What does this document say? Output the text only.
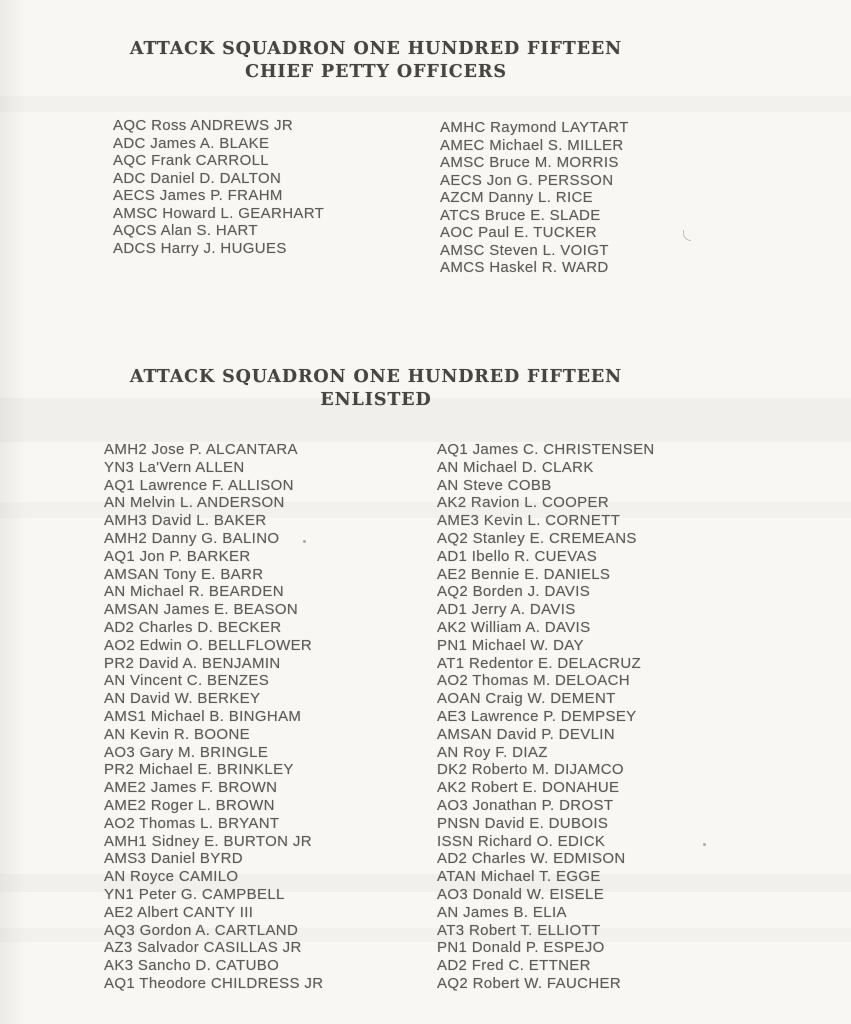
ATTACK SQUADRON ONE HUNDRED FIFTEEN
CHIEF PETTY OFFICERS
AQC Ross ANDREWS JR
ADC James A. BLAKE
AQC Frank CARROLL
ADC Daniel D. DALTON
AECS James P. FRAHM
AMSC Howard L. GEARHART
AQCS Alan S. HART
ADCS Harry J. HUGUES
AMHC Raymond LAYTART
AMEC Michael S. MILLER
AMSC Bruce M. MORRIS
AECS Jon G. PERSSON
AZCM Danny L. RICE
ATCS Bruce E. SLADE
AOC Paul E. TUCKER
AMSC Steven L. VOIGT
AMCS Haskel R. WARD
ATTACK SQUADRON ONE HUNDRED FIFTEEN
ENLISTED
AMH2 Jose P. ALCANTARA
YN3 La'Vern ALLEN
AQ1 Lawrence F. ALLISON
AN Melvin L. ANDERSON
AMH3 David L. BAKER
AMH2 Danny G. BALINO
AQ1 Jon P. BARKER
AMSAN Tony E. BARR
AN Michael R. BEARDEN
AMSAN James E. BEASON
AD2 Charles D. BECKER
AO2 Edwin O. BELLFLOWER
PR2 David A. BENJAMIN
AN Vincent C. BENZES
AN David W. BERKEY
AMS1 Michael B. BINGHAM
AN Kevin R. BOONE
AO3 Gary M. BRINGLE
PR2 Michael E. BRINKLEY
AME2 James F. BROWN
AME2 Roger L. BROWN
AO2 Thomas L. BRYANT
AMH1 Sidney E. BURTON JR
AMS3 Daniel BYRD
AN Royce CAMILO
YN1 Peter G. CAMPBELL
AE2 Albert CANTY III
AQ3 Gordon A. CARTLAND
AZ3 Salvador CASILLAS JR
AK3 Sancho D. CATUBO
AQ1 Theodore CHILDRESS JR
AQ1 James C. CHRISTENSEN
AN Michael D. CLARK
AN Steve COBB
AK2 Ravion L. COOPER
AME3 Kevin L. CORNETT
AQ2 Stanley E. CREMEANS
AD1 Ibello R. CUEVAS
AE2 Bennie E. DANIELS
AQ2 Borden J. DAVIS
AD1 Jerry A. DAVIS
AK2 William A. DAVIS
PN1 Michael W. DAY
AT1 Redentor E. DELACRUZ
AO2 Thomas M. DELOACH
AOAN Craig W. DEMENT
AE3 Lawrence P. DEMPSEY
AMSAN David P. DEVLIN
AN Roy F. DIAZ
DK2 Roberto M. DIJAMCO
AK2 Robert E. DONAHUE
AO3 Jonathan P. DROST
PNSN David E. DUBOIS
ISSN Richard O. EDICK
AD2 Charles W. EDMISON
ATAN Michael T. EGGE
AO3 Donald W. EISELE
AN James B. ELIA
AT3 Robert T. ELLIOTT
PN1 Donald P. ESPEJO
AD2 Fred C. ETTNER
AQ2 Robert W. FAUCHER
